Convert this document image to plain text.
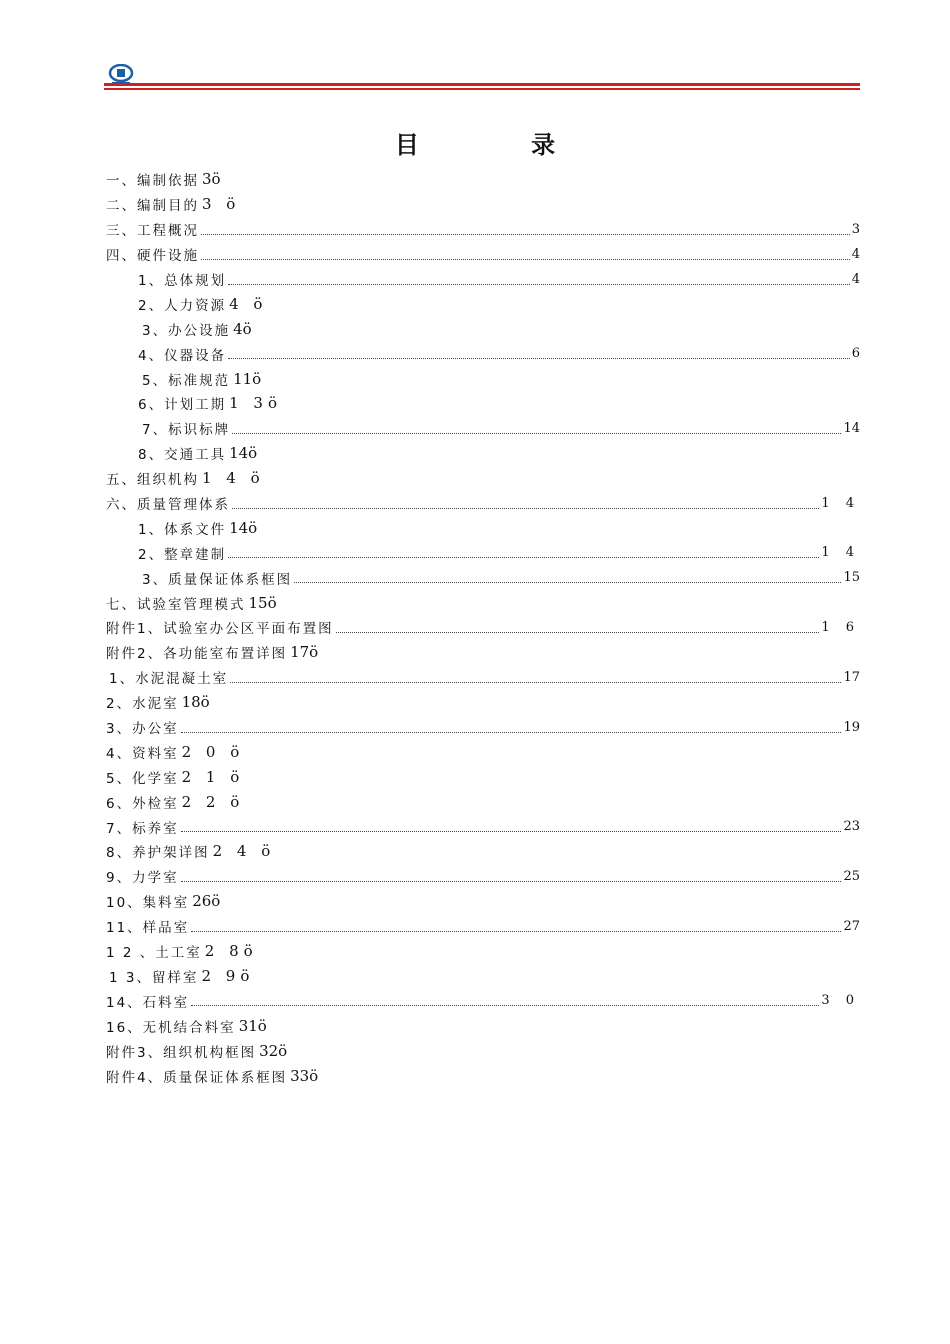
目 录
一、编制依据 3ö
二、编制目的 3 ö
三、工程概况	3
四、硬件设施	4
1、总体规划	4
2、人力资源 4 ö
3、办公设施 4ö
4、仪器设备	6
5、标准规范 11ö
6、计划工期 1 3ö
7、标识标牌	14
8、交通工具 14ö
五、组织机构 1 4 ö
六、质量管理体系	1 4
1、体系文件 14ö
2、整章建制	1 4
3、质量保证体系框图	15
七、试验室管理模式 15ö
附件1、试验室办公区平面布置图	1 6
附件2、各功能室布置详图 17ö
1、水泥混凝土室	17
2、水泥室 18ö
3、办公室	19
4、资料室 2 0 ö
5、化学室 2 1 ö
6、外检室 2 2 ö
7、标养室	23
8、养护架详图 2 4 ö
9、力学室	25
10、集料室 26ö
11、样品室	27
1 2 、土工室 2 8ö
1 3、留样室 2 9ö
14、石料室	3 0
16、无机结合料室 31ö
附件3、组织机构框图 32ö
附件4、质量保证体系框图 33ö
